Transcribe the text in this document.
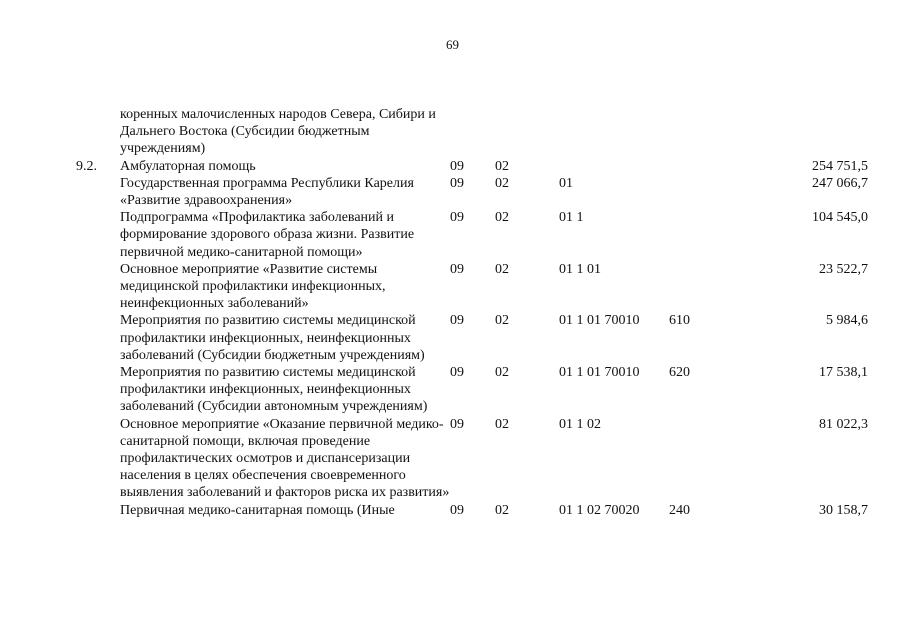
69
	коренных малочисленных народов Севера, Сибири и Дальнего Востока (Субсидии бюджетным учреждениям)					
9.2.	Амбулаторная помощь	09	02			254 751,5
	Государственная программа Республики Карелия «Развитие здравоохранения»	09	02	01		247 066,7
	Подпрограмма «Профилактика заболеваний и формирование здорового образа жизни. Развитие первичной медико-санитарной помощи»	09	02	01 1		104 545,0
	Основное мероприятие «Развитие системы медицинской профилактики инфекционных, неинфекционных заболеваний»	09	02	01 1 01		23 522,7
	Мероприятия по развитию системы медицинской профилактики инфекционных, неинфекционных заболеваний (Субсидии бюджетным учреждениям)	09	02	01 1 01 70010	610	5 984,6
	Мероприятия по развитию системы медицинской профилактики инфекционных, неинфекционных заболеваний (Субсидии автономным учреждениям)	09	02	01 1 01 70010	620	17 538,1
	Основное мероприятие «Оказание первичной медико-санитарной помощи, включая проведение профилактических осмотров и диспансеризации населения в целях обеспечения своевременного выявления заболеваний и факторов риска их развития»	09	02	01 1 02		81 022,3
	Первичная медико-санитарная помощь (Иные	09	02	01 1 02 70020	240	30 158,7
